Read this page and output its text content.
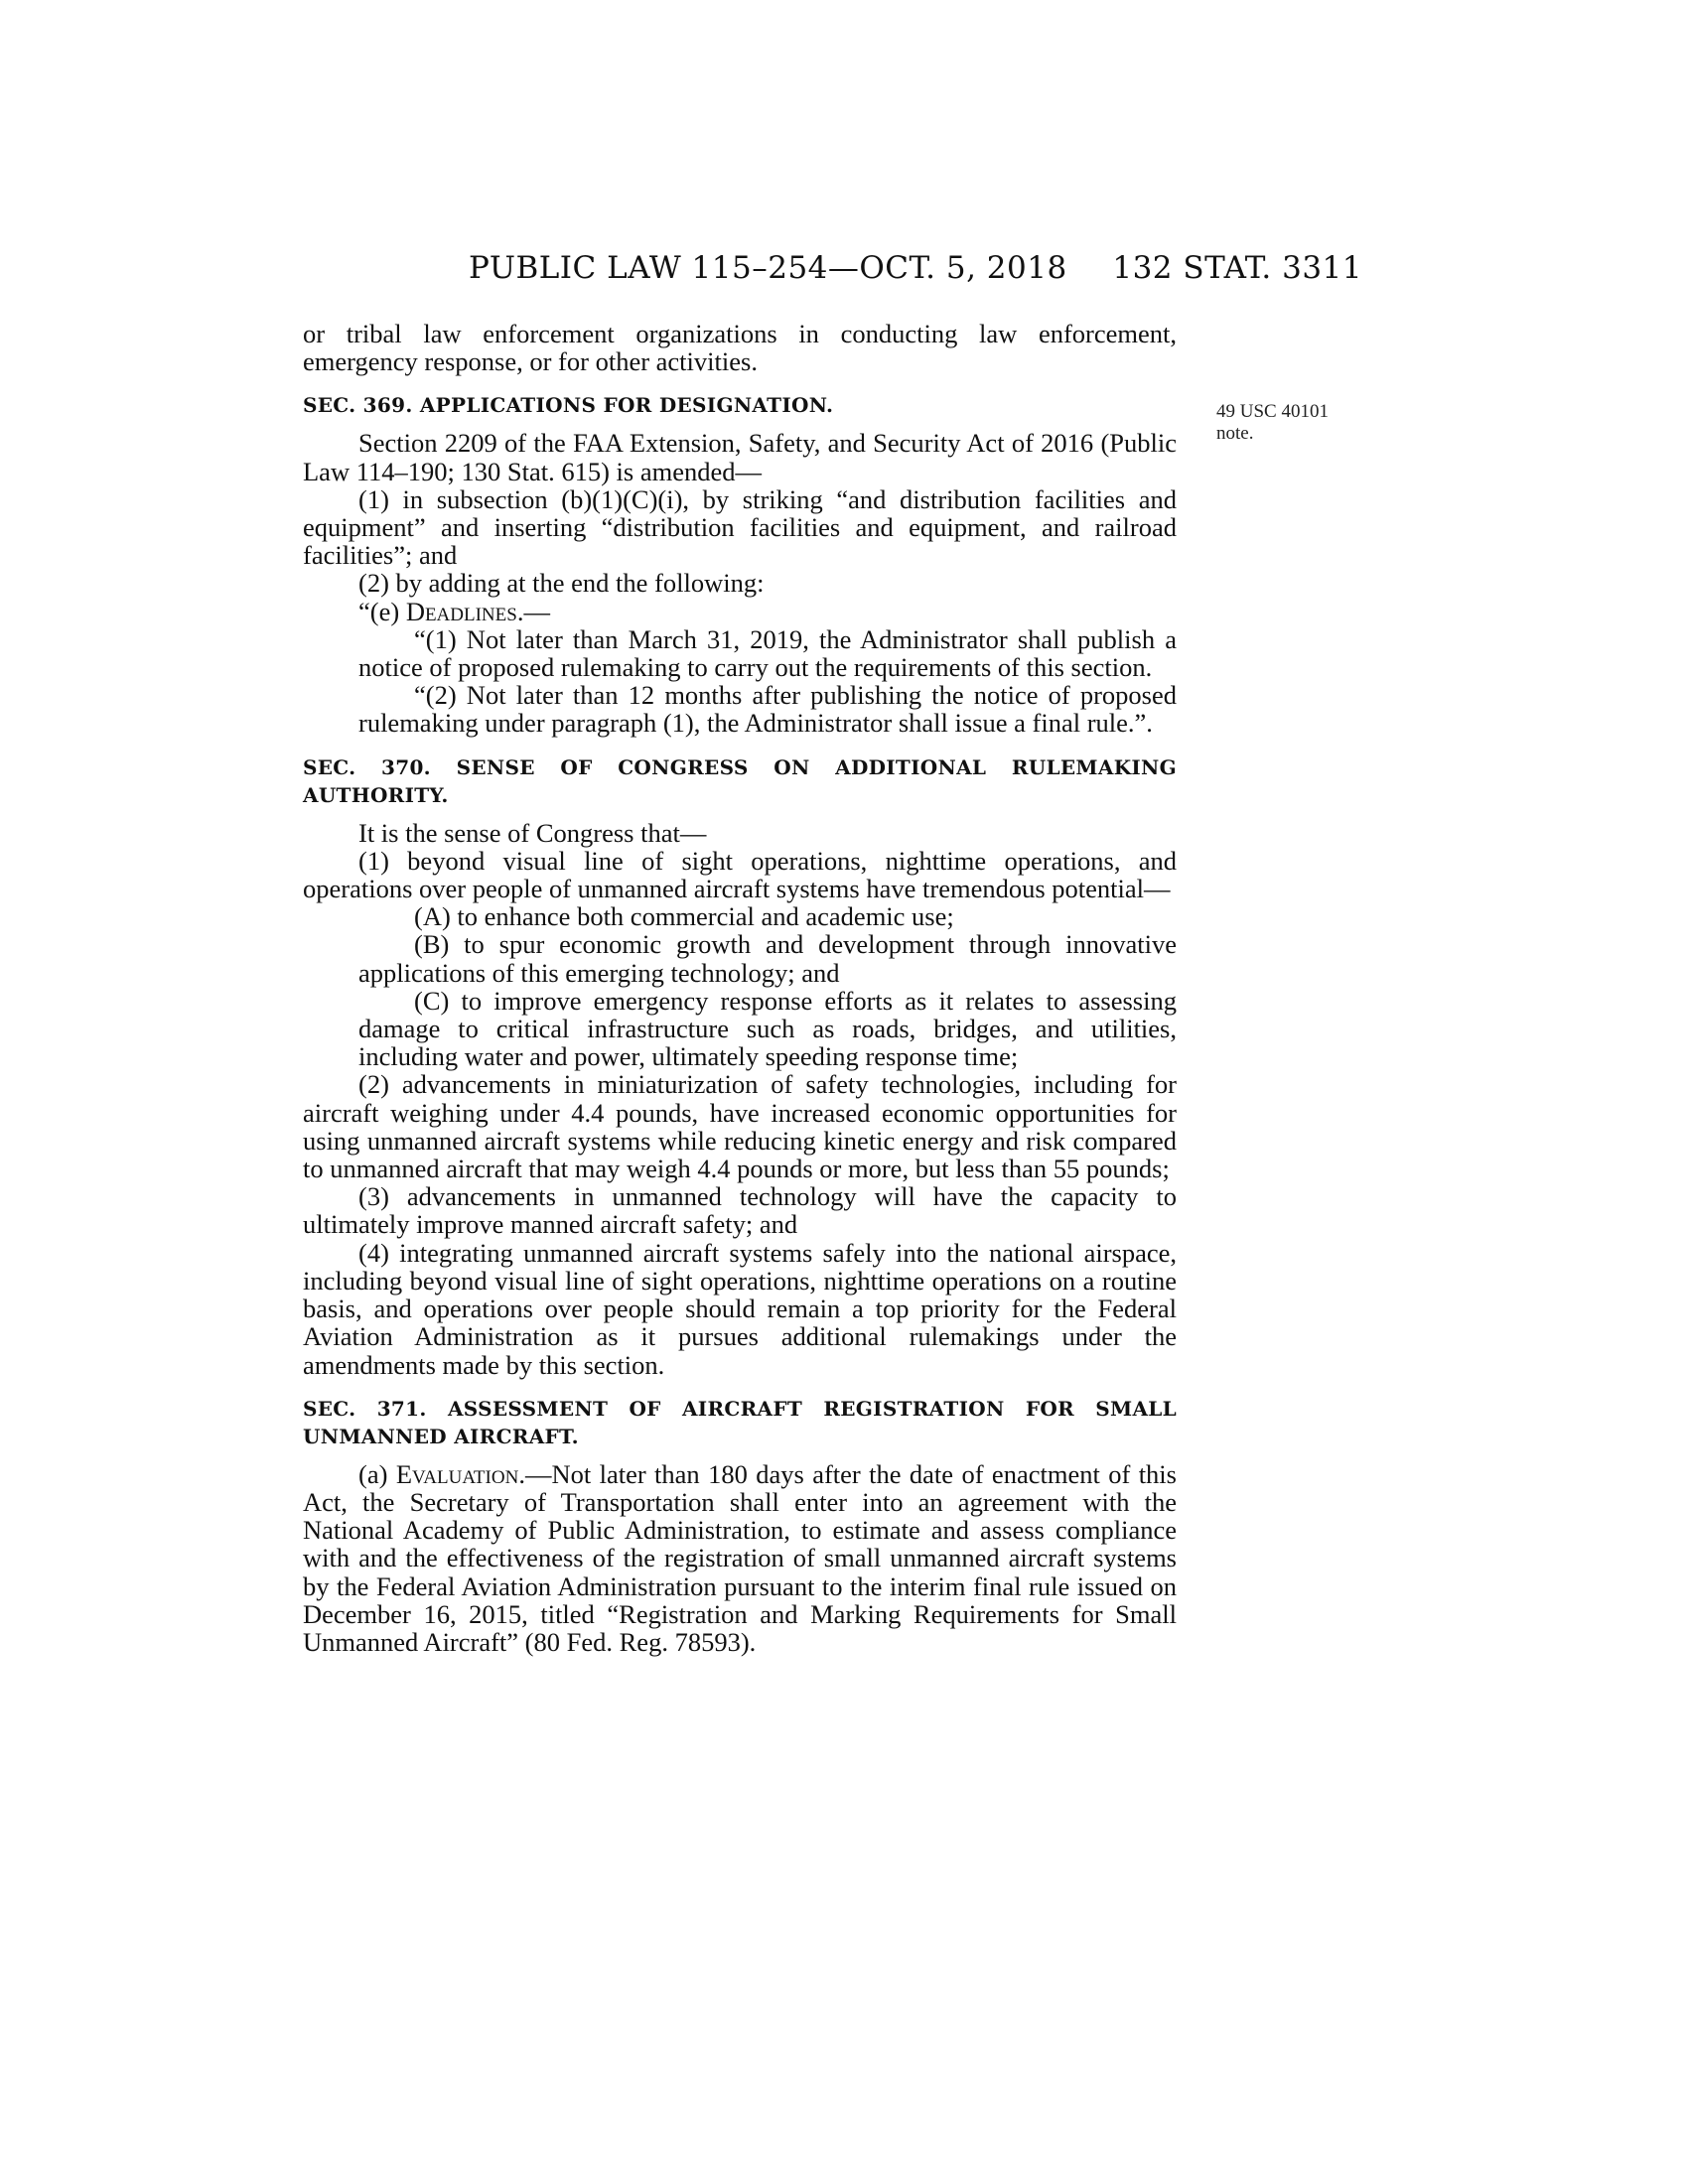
PUBLIC LAW 115–254—OCT. 5, 2018 132 STAT. 3311
49 USC 40101
note.

or tribal law enforcement organizations in conducting law enforcement, emergency response, or for other activities.

SEC. 369. APPLICATIONS FOR DESIGNATION.

Section 2209 of the FAA Extension, Safety, and Security Act of 2016 (Public Law 114–190; 130 Stat. 615) is amended—

(1) in subsection (b)(1)(C)(i), by striking “and distribution facilities and equipment” and inserting “distribution facilities and equipment, and railroad facilities”; and

(2) by adding at the end the following:

“(e) Deadlines.—

“(1) Not later than March 31, 2019, the Administrator shall publish a notice of proposed rulemaking to carry out the requirements of this section.

“(2) Not later than 12 months after publishing the notice of proposed rulemaking under paragraph (1), the Administrator shall issue a final rule.”.

SEC. 370. SENSE OF CONGRESS ON ADDITIONAL RULEMAKING AUTHORITY.

It is the sense of Congress that—

(1) beyond visual line of sight operations, nighttime operations, and operations over people of unmanned aircraft systems have tremendous potential—

(A) to enhance both commercial and academic use;

(B) to spur economic growth and development through innovative applications of this emerging technology; and

(C) to improve emergency response efforts as it relates to assessing damage to critical infrastructure such as roads, bridges, and utilities, including water and power, ultimately speeding response time;

(2) advancements in miniaturization of safety technologies, including for aircraft weighing under 4.4 pounds, have increased economic opportunities for using unmanned aircraft systems while reducing kinetic energy and risk compared to unmanned aircraft that may weigh 4.4 pounds or more, but less than 55 pounds;

(3) advancements in unmanned technology will have the capacity to ultimately improve manned aircraft safety; and

(4) integrating unmanned aircraft systems safely into the national airspace, including beyond visual line of sight operations, nighttime operations on a routine basis, and operations over people should remain a top priority for the Federal Aviation Administration as it pursues additional rulemakings under the amendments made by this section.

SEC. 371. ASSESSMENT OF AIRCRAFT REGISTRATION FOR SMALL UNMANNED AIRCRAFT.

(a) Evaluation.—Not later than 180 days after the date of enactment of this Act, the Secretary of Transportation shall enter into an agreement with the National Academy of Public Administration, to estimate and assess compliance with and the effectiveness of the registration of small unmanned aircraft systems by the Federal Aviation Administration pursuant to the interim final rule issued on December 16, 2015, titled “Registration and Marking Requirements for Small Unmanned Aircraft” (80 Fed. Reg. 78593).
